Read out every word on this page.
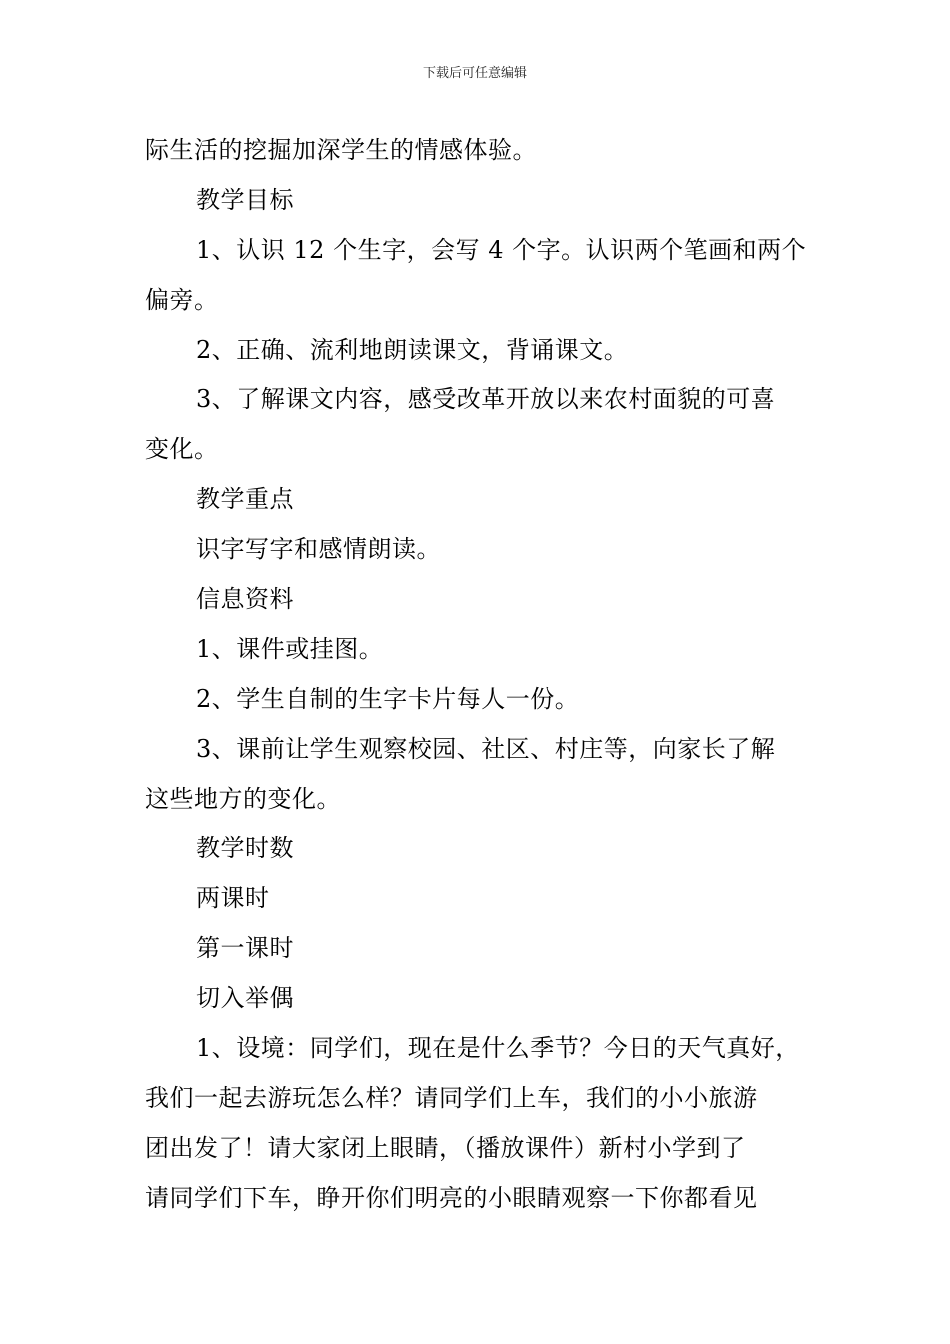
下载后可任意编辑
际生活的挖掘加深学生的情感体验。
教学目标
1、认识 12 个生字，会写 4 个字。认识两个笔画和两个
偏旁。
2、正确、流利地朗读课文，背诵课文。
3、了解课文内容，感受改革开放以来农村面貌的可喜
变化。
教学重点
识字写字和感情朗读。
信息资料
1、课件或挂图。
2、学生自制的生字卡片每人一份。
3、课前让学生观察校园、社区、村庄等，向家长了解
这些地方的变化。
教学时数
两课时
第一课时
切入举偶
1、设境：同学们，现在是什么季节？今日的天气真好，
我们一起去游玩怎么样？请同学们上车，我们的小小旅游
团出发了！请大家闭上眼睛，（播放课件）新村小学到了
请同学们下车，睁开你们明亮的小眼睛观察一下你都看见
